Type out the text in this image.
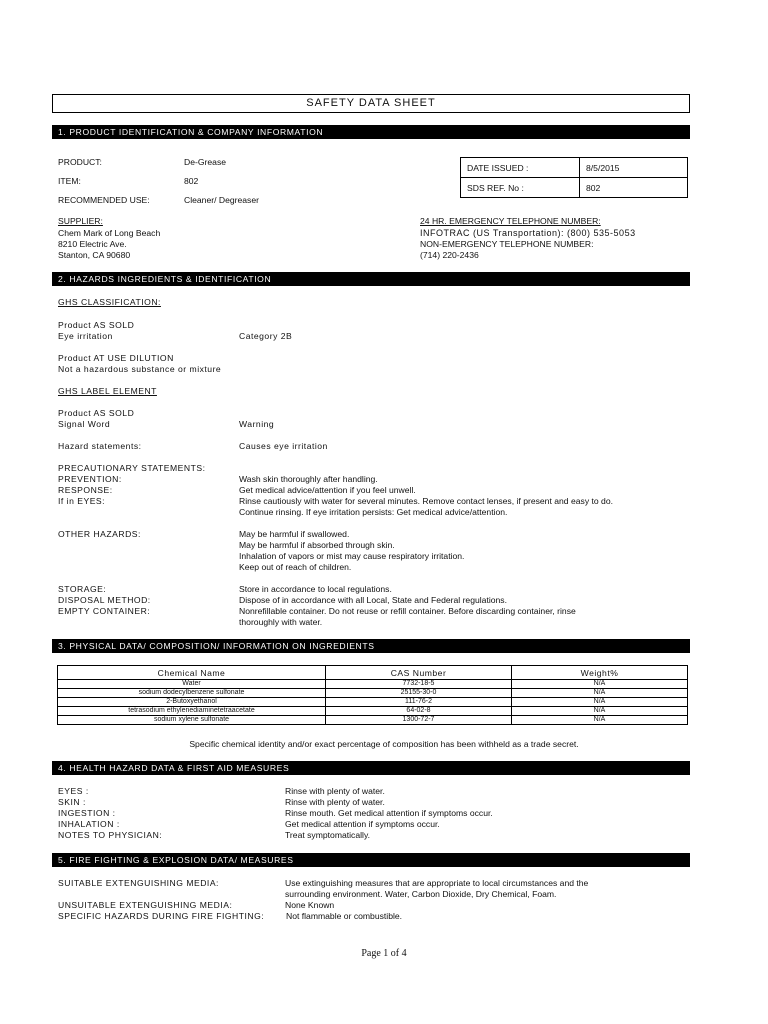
SAFETY DATA SHEET
1. PRODUCT IDENTIFICATION & COMPANY INFORMATION
PRODUCT:	De-Grease
ITEM:	802
RECOMMENDED USE:	Cleaner/ Degreaser
DATE ISSUED :	8/5/2015
SDS REF. No :	802
SUPPLIER:
Chem Mark of Long Beach
8210 Electric Ave.
Stanton, CA 90680
24 HR. EMERGENCY TELEPHONE NUMBER:
INFOTRAC (US Transportation): (800) 535-5053
NON-EMERGENCY TELEPHONE NUMBER:
(714) 220-2436
2. HAZARDS INGREDIENTS & IDENTIFICATION
GHS CLASSIFICATION:
Product AS SOLD
Eye irritation	Category 2B
Product AT USE DILUTION
Not a hazardous substance or mixture
GHS LABEL ELEMENT
Product AS SOLD
Signal Word	Warning
Hazard statements:	Causes eye irritation
PRECAUTIONARY STATEMENTS:
PREVENTION:	Wash skin thoroughly after handling.
RESPONSE:	Get medical advice/attention if you feel unwell.
If in EYES:	Rinse cautiously with water for several minutes. Remove contact lenses, if present and easy to do.
Continue rinsing. If eye irritation persists: Get medical advice/attention.
OTHER HAZARDS:	May be harmful if swallowed.
May be harmful if absorbed through skin.
Inhalation of vapors or mist may cause respiratory irritation.
Keep out of reach of children.
STORAGE:	Store in accordance to local regulations.
DISPOSAL METHOD:	Dispose of in accordance with all Local, State and Federal regulations.
EMPTY CONTAINER:	Nonrefillable container. Do not reuse or refill container. Before discarding container, rinse
thoroughly with water.
3. PHYSICAL DATA/ COMPOSITION/ INFORMATION ON INGREDIENTS
Chemical Name	CAS Number	Weight%
Water	7732-18-5	N/A
sodium dodecylbenzene sulfonate	25155-30-0	N/A
2-Butoxyethanol	111-76-2	N/A
tetrasodium ethylenediaminetetraacetate	64-02-8	N/A
sodium xylene sulfonate	1300-72-7	N/A
Specific chemical identity and/or exact percentage of composition has been withheld as a trade secret.
4. HEALTH HAZARD DATA & FIRST AID MEASURES
EYES :	Rinse with plenty of water.
SKIN :	Rinse with plenty of water.
INGESTION :	Rinse mouth. Get medical attention if symptoms occur.
INHALATION :	Get medical attention if symptoms occur.
NOTES TO PHYSICIAN:	Treat symptomatically.
5. FIRE FIGHTING & EXPLOSION DATA/ MEASURES
SUITABLE EXTENGUISHING MEDIA:	Use extinguishing measures that are appropriate to local circumstances and the
surrounding environment. Water, Carbon Dioxide, Dry Chemical, Foam.
UNSUITABLE EXTENGUISHING MEDIA:	None Known
SPECIFIC HAZARDS DURING FIRE FIGHTING:	Not flammable or combustible.
Page 1 of 4
